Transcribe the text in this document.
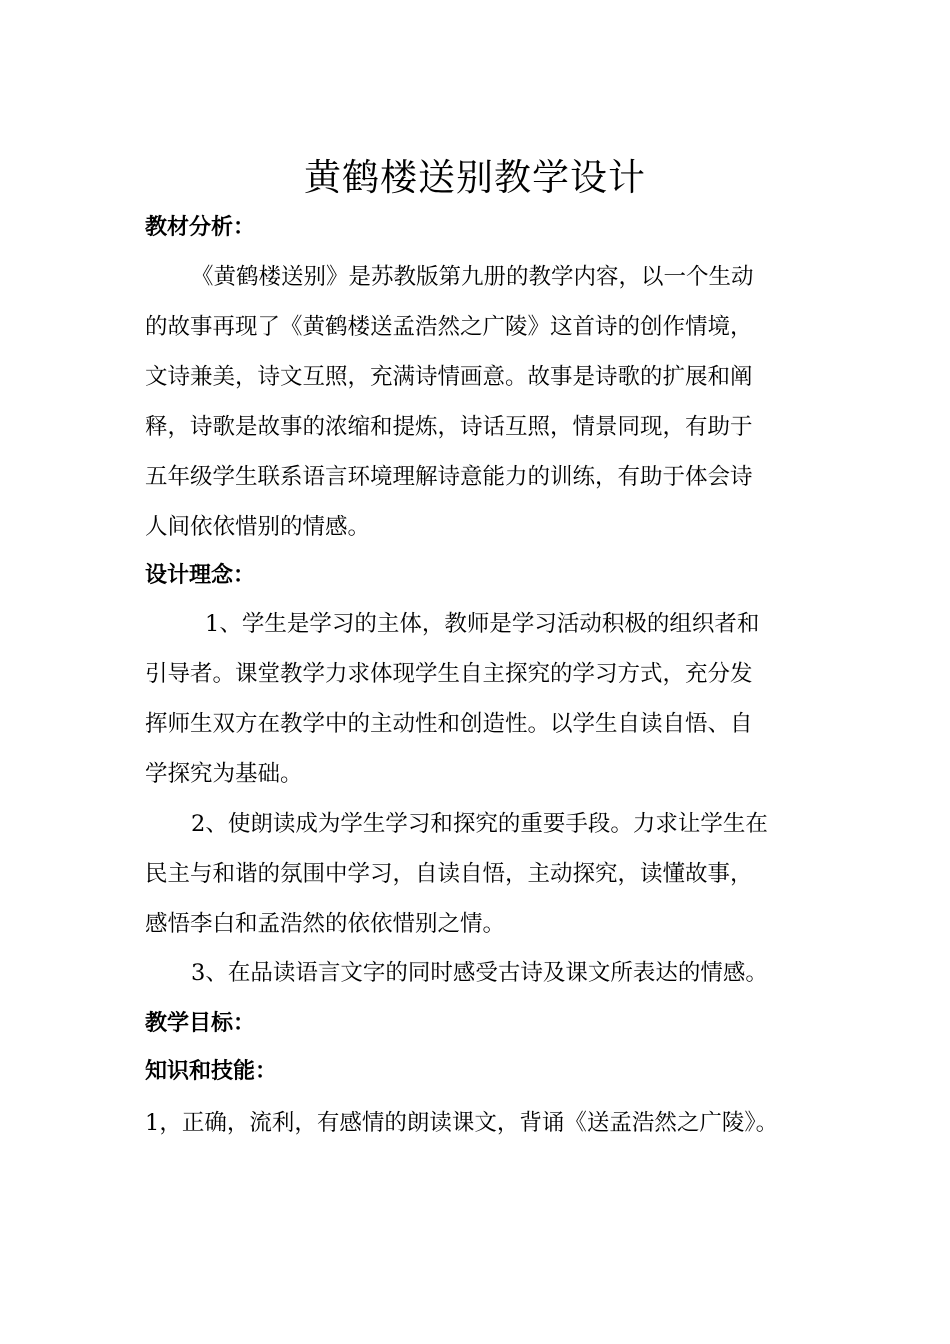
黄鹤楼送别教学设计
教材分析：
《黄鹤楼送别》是苏教版第九册的教学内容，以一个生动
的故事再现了《黄鹤楼送孟浩然之广陵》这首诗的创作情境，
文诗兼美，诗文互照，充满诗情画意。故事是诗歌的扩展和阐
释，诗歌是故事的浓缩和提炼，诗话互照，情景同现，有助于
五年级学生联系语言环境理解诗意能力的训练，有助于体会诗
人间依依惜别的情感。
设计理念：
1、学生是学习的主体，教师是学习活动积极的组织者和
引导者。课堂教学力求体现学生自主探究的学习方式，充分发
挥师生双方在教学中的主动性和创造性。以学生自读自悟、自
学探究为基础。
2、使朗读成为学生学习和探究的重要手段。力求让学生在
民主与和谐的氛围中学习，自读自悟，主动探究，读懂故事，
感悟李白和孟浩然的依依惜别之情。
3、在品读语言文字的同时感受古诗及课文所表达的情感。
教学目标：
知识和技能：
1，正确，流利，有感情的朗读课文，背诵《送孟浩然之广陵》。
